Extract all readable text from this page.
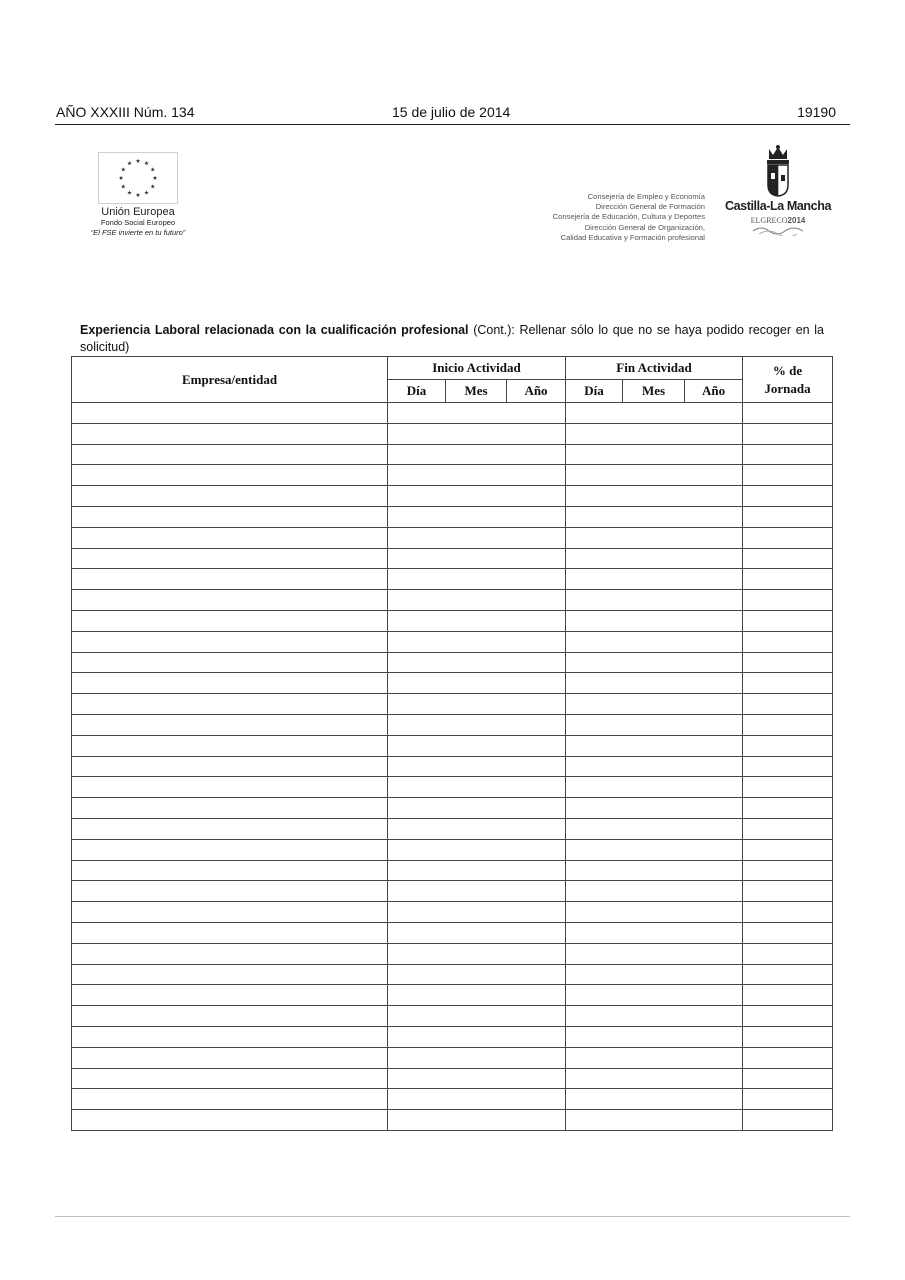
AÑO XXXIII Núm. 134	15 de julio de 2014	19190
Unión Europea
Fondo Social Europeo
“El FSE invierte en tu futuro”
Consejería de Empleo y Economía
Dirección General de Formación
Consejería de Educación, Cultura y Deportes
Dirección General de Organización,
Calidad Educativa y Formación profesional
Castilla-La Mancha
ELGRECO2014
Experiencia Laboral relacionada con la cualificación profesional (Cont.): Rellenar sólo lo que no se haya podido recoger en la solicitud)
Empresa/entidad	Inicio Actividad			Fin Actividad			% de Jornada
	Día	Mes	Año	Día	Mes	Año	
